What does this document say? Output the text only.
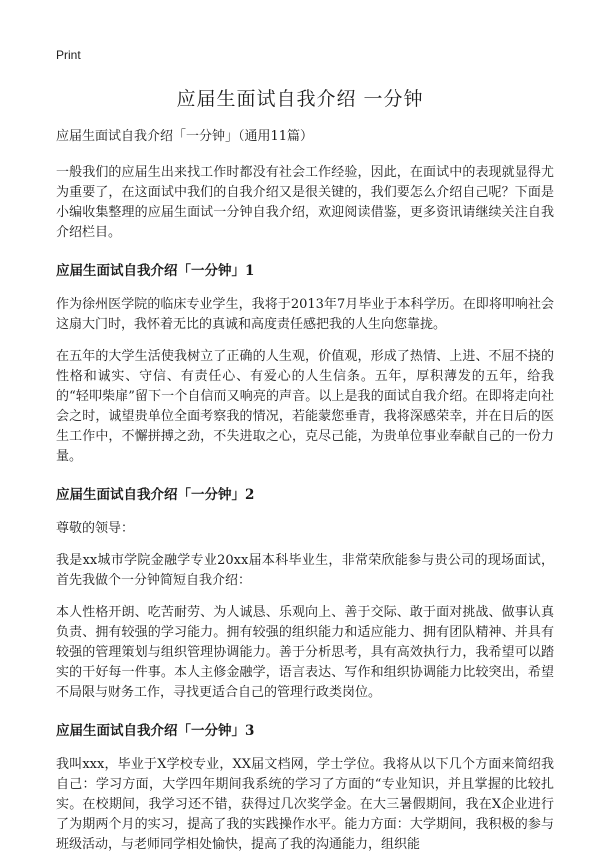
Print
应届生面试自我介绍 一分钟
应届生面试自我介绍「一分钟」（通用11篇）

一般我们的应届生出来找工作时都没有社会工作经验，因此，在面试中的表现就显得尤为重要了，在这面试中我们的自我介绍又是很关键的，我们要怎么介绍自己呢？下面是小编收集整理的应届生面试一分钟自我介绍，欢迎阅读借鉴，更多资讯请继续关注自我介绍栏目。

应届生面试自我介绍「一分钟」1

作为徐州医学院的临床专业学生，我将于2013年7月毕业于本科学历。在即将叩响社会这扇大门时，我怀着无比的真诚和高度责任感把我的人生向您靠拢。

在五年的大学生活使我树立了正确的人生观，价值观，形成了热情、上进、不屈不挠的性格和诚实、守信、有责任心、有爱心的人生信条。五年，厚积薄发的五年，给我的“轻叩柴扉”留下一个自信而又响亮的声音。以上是我的面试自我介绍。在即将走向社会之时，诚望贵单位全面考察我的情况，若能蒙您垂青，我将深感荣幸，并在日后的医生工作中，不懈拼搏之劲，不失进取之心，克尽己能，为贵单位事业奉献自己的一份力量。

应届生面试自我介绍「一分钟」2

尊敬的领导：

我是xx城市学院金融学专业20xx届本科毕业生，非常荣欣能参与贵公司的现场面试，首先我做个一分钟简短自我介绍：

本人性格开朗、吃苦耐劳、为人诚恳、乐观向上、善于交际、敢于面对挑战、做事认真负责、拥有较强的学习能力。拥有较强的组织能力和适应能力、拥有团队精神、并具有较强的管理策划与组织管理协调能力。善于分析思考，具有高效执行力，我希望可以踏实的干好每一件事。本人主修金融学，语言表达、写作和组织协调能力比较突出，希望不局限与财务工作，寻找更适合自己的管理行政类岗位。

应届生面试自我介绍「一分钟」3

我叫xxx，毕业于X学校专业，XX届文档网，学士学位。我将从以下几个方面来简绍我自己：学习方面，大学四年期间我系统的学习了方面的“专业知识，并且掌握的比较扎实。在校期间，我学习还不错，获得过几次奖学金。在大三暑假期间，我在X企业进行了为期两个月的实习，提高了我的实践操作水平。能力方面：大学期间，我积极的参与班级活动，与老师同学相处愉快，提高了我的沟通能力，组织能
